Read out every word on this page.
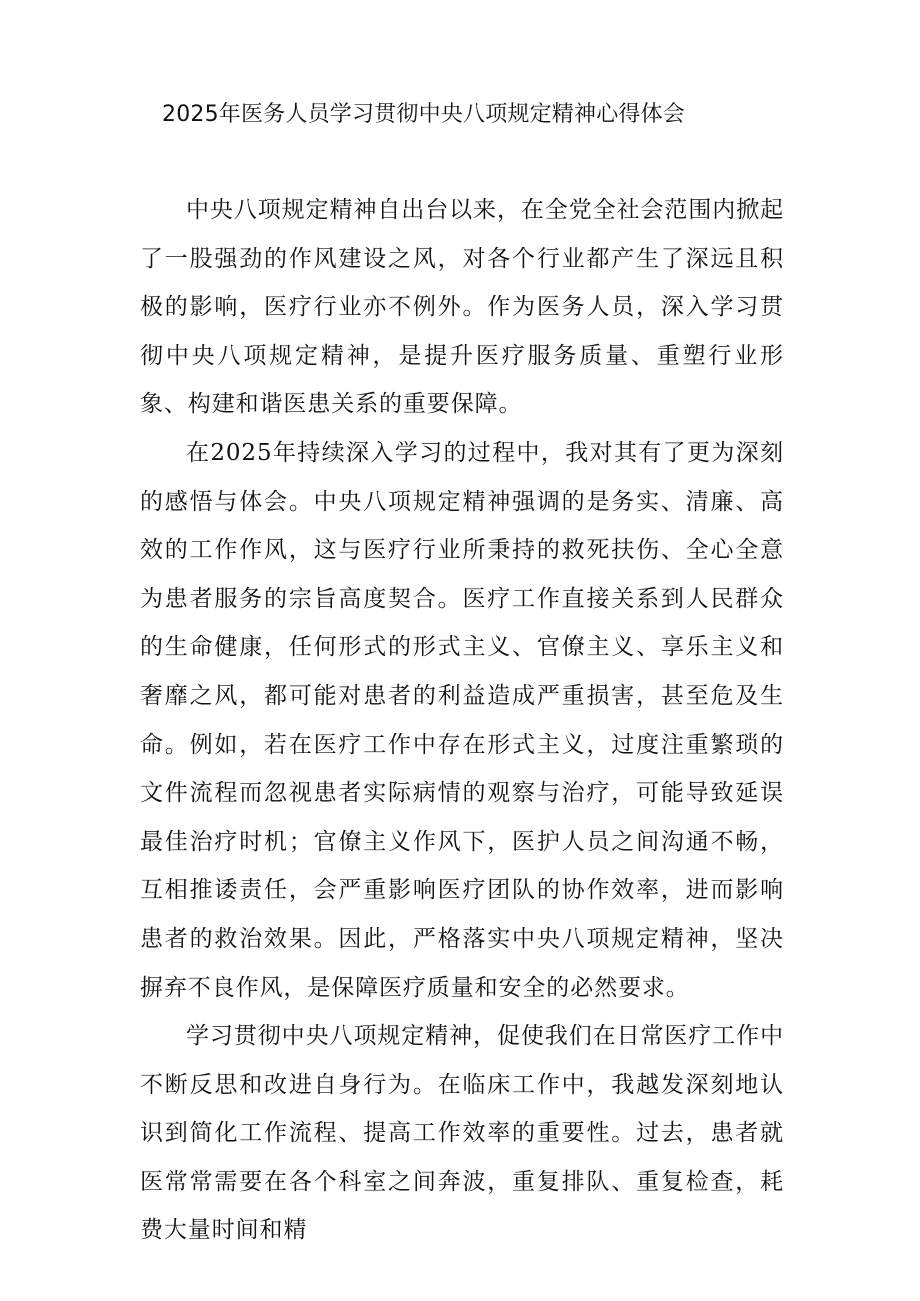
2025年医务人员学习贯彻中央八项规定精神心得体会

中央八项规定精神自出台以来，在全党全社会范围内掀起了一股强劲的作风建设之风，对各个行业都产生了深远且积极的影响，医疗行业亦不例外。作为医务人员，深入学习贯彻中央八项规定精神，是提升医疗服务质量、重塑行业形象、构建和谐医患关系的重要保障。

在2025年持续深入学习的过程中，我对其有了更为深刻的感悟与体会。中央八项规定精神强调的是务实、清廉、高效的工作作风，这与医疗行业所秉持的救死扶伤、全心全意为患者服务的宗旨高度契合。医疗工作直接关系到人民群众的生命健康，任何形式的形式主义、官僚主义、享乐主义和奢靡之风，都可能对患者的利益造成严重损害，甚至危及生命。例如，若在医疗工作中存在形式主义，过度注重繁琐的文件流程而忽视患者实际病情的观察与治疗，可能导致延误最佳治疗时机；官僚主义作风下，医护人员之间沟通不畅，互相推诿责任，会严重影响医疗团队的协作效率，进而影响患者的救治效果。因此，严格落实中央八项规定精神，坚决摒弃不良作风，是保障医疗质量和安全的必然要求。

学习贯彻中央八项规定精神，促使我们在日常医疗工作中不断反思和改进自身行为。在临床工作中，我越发深刻地认识到简化工作流程、提高工作效率的重要性。过去，患者就医常常需要在各个科室之间奔波，重复排队、重复检查，耗费大量时间和精
